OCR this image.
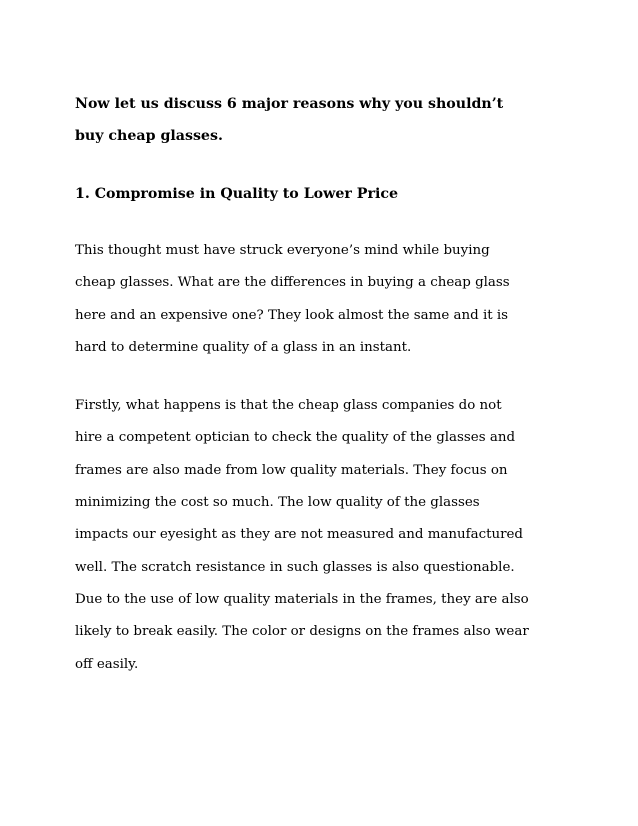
Now let us discuss 6 major reasons why you shouldn’t
buy cheap glasses.
1. Compromise in Quality to Lower Price

This thought must have struck everyone’s mind while buying
cheap glasses. What are the differences in buying a cheap glass
here and an expensive one? They look almost the same and it is
hard to determine quality of a glass in an instant.

Firstly, what happens is that the cheap glass companies do not
hire a competent optician to check the quality of the glasses and
frames are also made from low quality materials. They focus on
minimizing the cost so much. The low quality of the glasses
impacts our eyesight as they are not measured and manufactured
well. The scratch resistance in such glasses is also questionable.
Due to the use of low quality materials in the frames, they are also
likely to break easily. The color or designs on the frames also wear
off easily.
